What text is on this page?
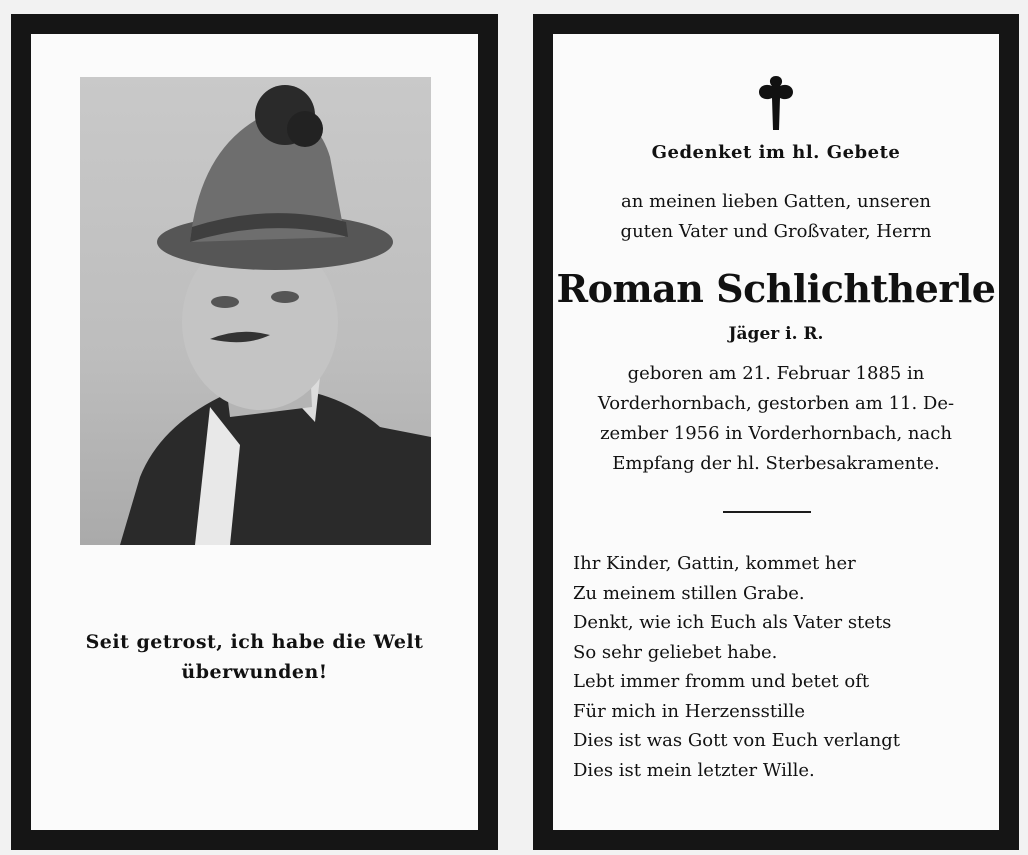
Seit getrost, ich habe die Welt
überwunden!
Gedenket im hl. Gebete
an meinen lieben Gatten, unseren
guten Vater und Großvater, Herrn
Roman Schlichtherle
Jäger i. R.
geboren am 21. Februar 1885 in
Vorderhornbach, gestorben am 11. De-
zember 1956 in Vorderhornbach, nach
Empfang der hl. Sterbesakramente.
Ihr Kinder, Gattin, kommet her
Zu meinem stillen Grabe.
Denkt, wie ich Euch als Vater stets
So sehr geliebet habe.
Lebt immer fromm und betet oft
Für mich in Herzensstille
Dies ist was Gott von Euch verlangt
Dies ist mein letzter Wille.
